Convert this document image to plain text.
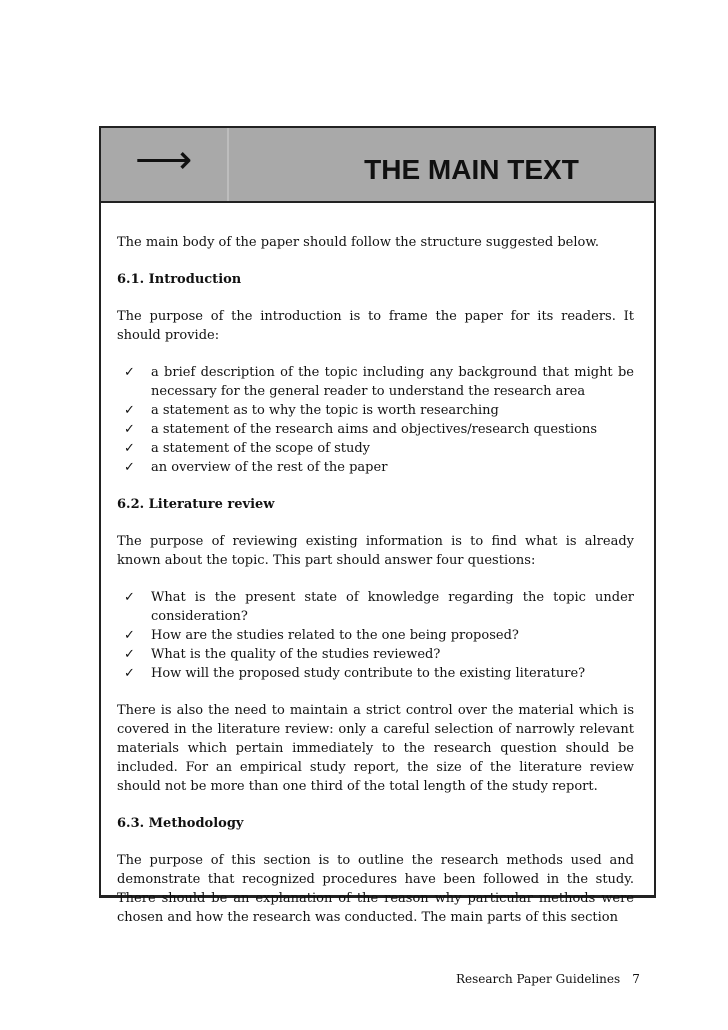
⟶	THE MAIN TEXT

The main body of the paper should follow the structure suggested below.

6.1. Introduction

The purpose of the introduction is to frame the paper for its readers. It should provide:

✓ a brief description of the topic including any background that might be necessary for the general reader to understand the research area
✓ a statement as to why the topic is worth researching
✓ a statement of the research aims and objectives/research questions
✓ a statement of the scope of study
✓ an overview of the rest of the paper

6.2. Literature review

The purpose of reviewing existing information is to find what is already known about the topic. This part should answer four questions:

✓ What is the present state of knowledge regarding the topic under consideration?
✓ How are the studies related to the one being proposed?
✓ What is the quality of the studies reviewed?
✓ How will the proposed study contribute to the existing literature?

There is also the need to maintain a strict control over the material which is covered in the literature review: only a careful selection of narrowly relevant materials which pertain immediately to the research question should be included. For an empirical study report, the size of the literature review should not be more than one third of the total length of the study report.

6.3. Methodology

The purpose of this section is to outline the research methods used and demonstrate that recognized procedures have been followed in the study. There should be an explanation of the reason why particular methods were chosen and how the research was conducted. The main parts of this section

Research Paper Guidelines 7
